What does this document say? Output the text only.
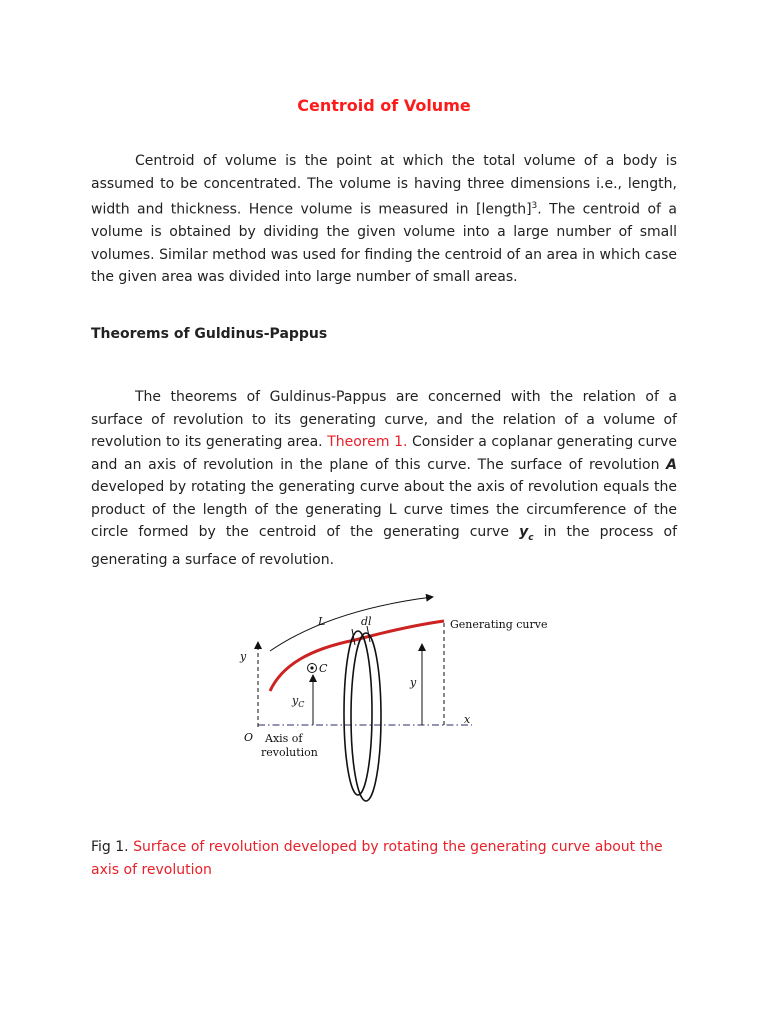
Centroid of Volume

Centroid of volume is the point at which the total volume of a body is assumed to be concentrated. The volume is having three dimensions i.e., length, width and thickness. Hence volume is measured in [length]$^3$. The centroid of a volume is obtained by dividing the given volume into a large number of small volumes. Similar method was used for finding the centroid of an area in which case the given area was divided into large number of small areas.

Theorems of Guldinus-Pappus

The theorems of Guldinus-Pappus are concerned with the relation of a surface of revolution to its generating curve, and the relation of a volume of revolution to its generating area. Theorem 1. Consider a coplanar generating curve and an axis of revolution in the plane of this curve. The surface of revolution A developed by rotating the generating curve about the axis of revolution equals the product of the length of the generating L curve times the circumference of the circle formed by the centroid of the generating curve $y_c$ in the process of generating a surface of revolution.

L	dl	Generating curve
y
C
$y_C$
y
x
O Axis of
revolution

Fig 1. Surface of revolution developed by rotating the generating curve about the axis of revolution
